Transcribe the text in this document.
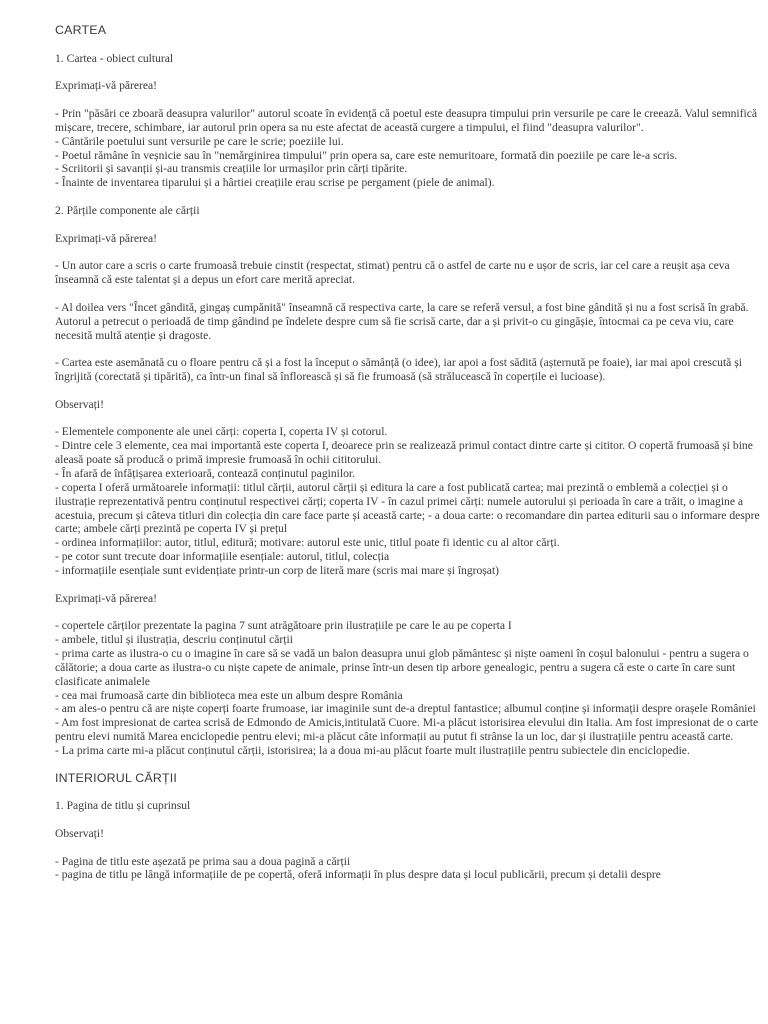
CARTEA
1. Cartea - obiect cultural
Exprimați-vă părerea!
- Prin "păsări ce zboară deasupra valurilor" autorul scoate în evidență că poetul este deasupra timpului prin versurile pe care le creează. Valul semnifică mișcare, trecere, schimbare, iar autorul prin opera sa nu este afectat de această curgere a timpului, el fiind "deasupra valurilor".
- Cântările poetului sunt versurile pe care le scrie; poeziile lui.
- Poetul rămâne în veșnicie sau în "nemărginirea timpului" prin opera sa, care este nemuritoare, formată din poeziile pe care le-a scris.
- Scriitorii și savanții și-au transmis creațiile lor urmașilor prin cărți tipărite.
- Înainte de inventarea tiparului și a hârtiei creațiile erau scrise pe pergament (piele de animal).
2. Părțile componente ale cărții
Exprimați-vă părerea!
- Un autor care a scris o carte frumoasă trebuie cinstit (respectat, stimat) pentru că o astfel de carte nu e ușor de scris, iar cel care a reușit așa ceva înseamnă că este talentat și a depus un efort care merită apreciat.
- Al doilea vers "Încet gândită, gingaș cumpănită" înseamnă că respectiva carte, la care se referă versul, a fost bine gândită și nu a fost scrisă în grabă. Autorul a petrecut o perioadă de timp gândind pe îndelete despre cum să fie scrisă carte, dar a și privit-o cu gingășie, întocmai ca pe ceva viu, care necesită multă atenție și dragoste.
- Cartea este asemănată cu o floare pentru că și a fost la început o sămânță (o idee), iar apoi a fost sădită (așternută pe foaie), iar mai apoi crescută și îngrijită (corectată și tipărită), ca într-un final să înflorească și să fie frumoasă (să strălucească în coperțile ei lucioase).
Observați!
- Elementele componente ale unei cărți: coperta I, coperta IV și cotorul.
- Dintre cele 3 elemente, cea mai importantă este coperta I, deoarece prin se realizează primul contact dintre carte și cititor. O copertă frumoasă și bine aleasă poate să producă o primă impresie frumoasă în ochii cititorului.
- În afară de înfățișarea exterioară, contează conținutul paginilor.
- coperta I oferă următoarele informații: titlul cărții, autorul cărții și editura la care a fost publicată cartea; mai prezintă o emblemă a colecției și o ilustrație reprezentativă pentru conținutul respectivei cărți; coperta IV - în cazul primei cărți: numele autorului și perioada în care a trăit, o imagine a acestuia, precum și câteva titluri din colecția din care face parte și această carte; - a doua carte: o recomandare din partea editurii sau o informare despre carte; ambele cărți prezintă pe coperta IV și prețul
- ordinea informațiilor: autor, titlul, editură; motivare: autorul este unic, titlul poate fi identic cu al altor cărți.
- pe cotor sunt trecute doar informațiile esențiale: autorul, titlul, colecția
- informațiile esențiale sunt evidențiate printr-un corp de literă mare (scris mai mare și îngroșat)
Exprimați-vă părerea!
- copertele cărților prezentate la pagina 7 sunt atrăgătoare prin ilustrațiile pe care le au pe coperta I
- ambele, titlul și ilustrația, descriu conținutul cărții
- prima carte as ilustra-o cu o imagine în care să se vadă un balon deasupra unui glob pământesc și niște oameni în coșul balonului - pentru a sugera o călătorie; a doua carte as ilustra-o cu niște capete de animale, prinse într-un desen tip arbore genealogic, pentru a sugera că este o carte în care sunt clasificate animalele
- cea mai frumoasă carte din biblioteca mea este un album despre România
- am ales-o pentru că are niște coperți foarte frumoase, iar imaginile sunt de-a dreptul fantastice; albumul conține și informații despre orașele României
- Am fost impresionat de cartea scrisă de Edmondo de Amicis,intitulată Cuore. Mi-a plăcut istorisirea elevului din Italia. Am fost impresionat de o carte pentru elevi numită Marea enciclopedie pentru elevi; mi-a plăcut câte informații au putut fi strânse la un loc, dar și ilustrațiile pentru această carte.
- La prima carte mi-a plăcut conținutul cărții, istorisirea; la a doua mi-au plăcut foarte mult ilustrațiile pentru subiectele din enciclopedie.
INTERIORUL CĂRȚII
1. Pagina de titlu și cuprinsul
Observați!
- Pagina de titlu este așezată pe prima sau a doua pagină a cărții
- pagina de titlu pe lângă informațiile de pe copertă, oferă informații în plus despre data și locul publicării, precum și detalii despre
